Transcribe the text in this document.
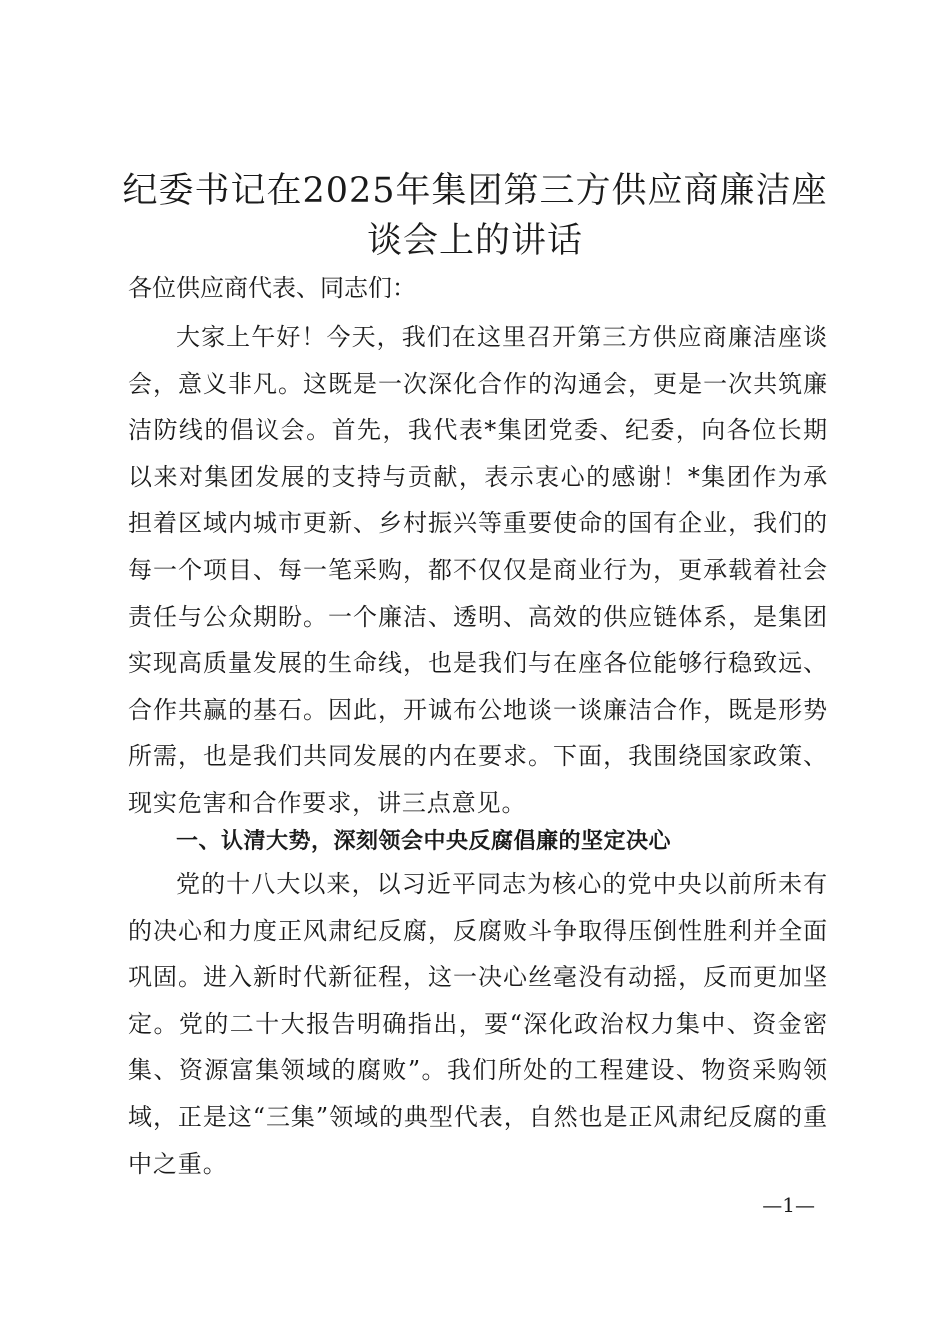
纪委书记在2025年集团第三方供应商廉洁座谈会上的讲话
各位供应商代表、同志们：
大家上午好！今天，我们在这里召开第三方供应商廉洁座谈会，意义非凡。这既是一次深化合作的沟通会，更是一次共筑廉洁防线的倡议会。首先，我代表*集团党委、纪委，向各位长期以来对集团发展的支持与贡献，表示衷心的感谢！*集团作为承担着区域内城市更新、乡村振兴等重要使命的国有企业，我们的每一个项目、每一笔采购，都不仅仅是商业行为，更承载着社会责任与公众期盼。一个廉洁、透明、高效的供应链体系，是集团实现高质量发展的生命线，也是我们与在座各位能够行稳致远、合作共赢的基石。因此，开诚布公地谈一谈廉洁合作，既是形势所需，也是我们共同发展的内在要求。下面，我围绕国家政策、现实危害和合作要求，讲三点意见。
一、认清大势，深刻领会中央反腐倡廉的坚定决心
党的十八大以来，以习近平同志为核心的党中央以前所未有的决心和力度正风肃纪反腐，反腐败斗争取得压倒性胜利并全面巩固。进入新时代新征程，这一决心丝毫没有动摇，反而更加坚定。党的二十大报告明确指出，要“深化政治权力集中、资金密集、资源富集领域的腐败”。我们所处的工程建设、物资采购领域，正是这“三集”领域的典型代表，自然也是正风肃纪反腐的重中之重。
—1—
